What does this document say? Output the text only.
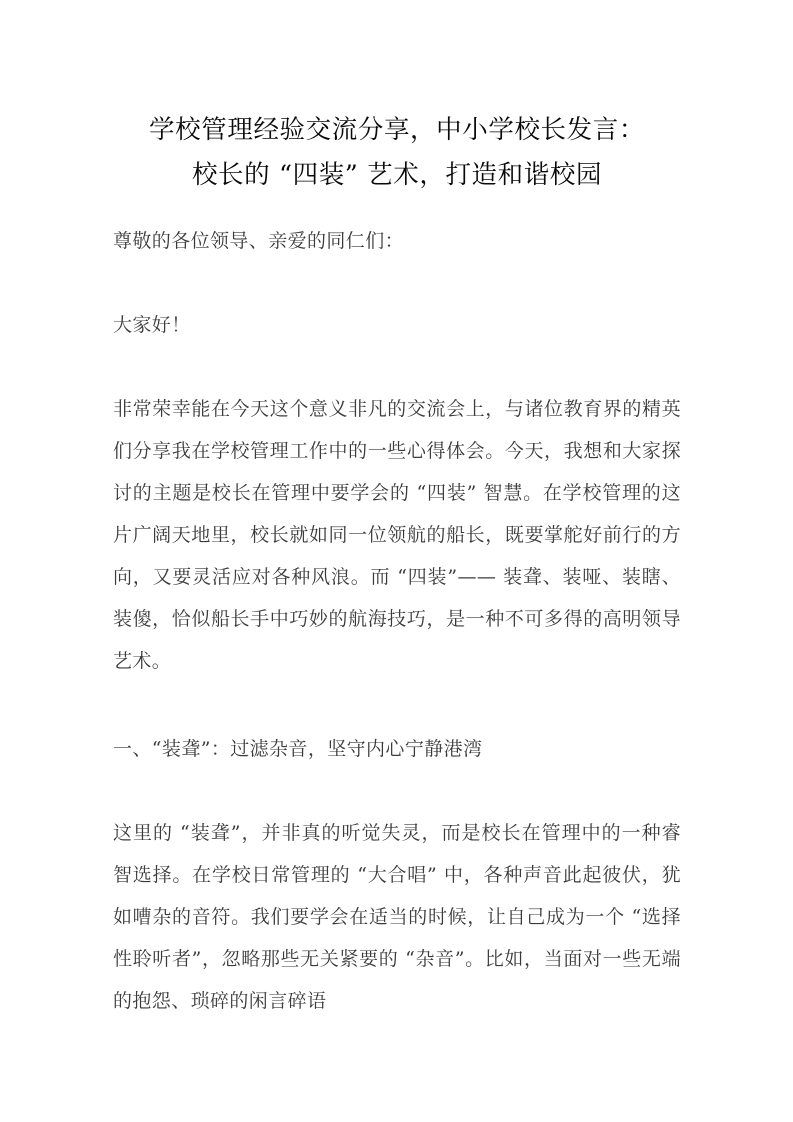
学校管理经验交流分享，中小学校长发言：
校长的 “四装” 艺术，打造和谐校园

尊敬的各位领导、亲爱的同仁们：

大家好！

非常荣幸能在今天这个意义非凡的交流会上，与诸位教育界的精英们分享我在学校管理工作中的一些心得体会。今天，我想和大家探讨的主题是校长在管理中要学会的 “四装” 智慧。在学校管理的这片广阔天地里，校长就如同一位领航的船长，既要掌舵好前行的方向，又要灵活应对各种风浪。而 “四装”—— 装聋、装哑、装瞎、装傻，恰似船长手中巧妙的航海技巧，是一种不可多得的高明领导艺术。

一、“装聋”：过滤杂音，坚守内心宁静港湾

这里的 “装聋”，并非真的听觉失灵，而是校长在管理中的一种睿智选择。在学校日常管理的 “大合唱” 中，各种声音此起彼伏，犹如嘈杂的音符。我们要学会在适当的时候，让自己成为一个 “选择性聆听者”，忽略那些无关紧要的 “杂音”。比如，当面对一些无端的抱怨、琐碎的闲言碎语
